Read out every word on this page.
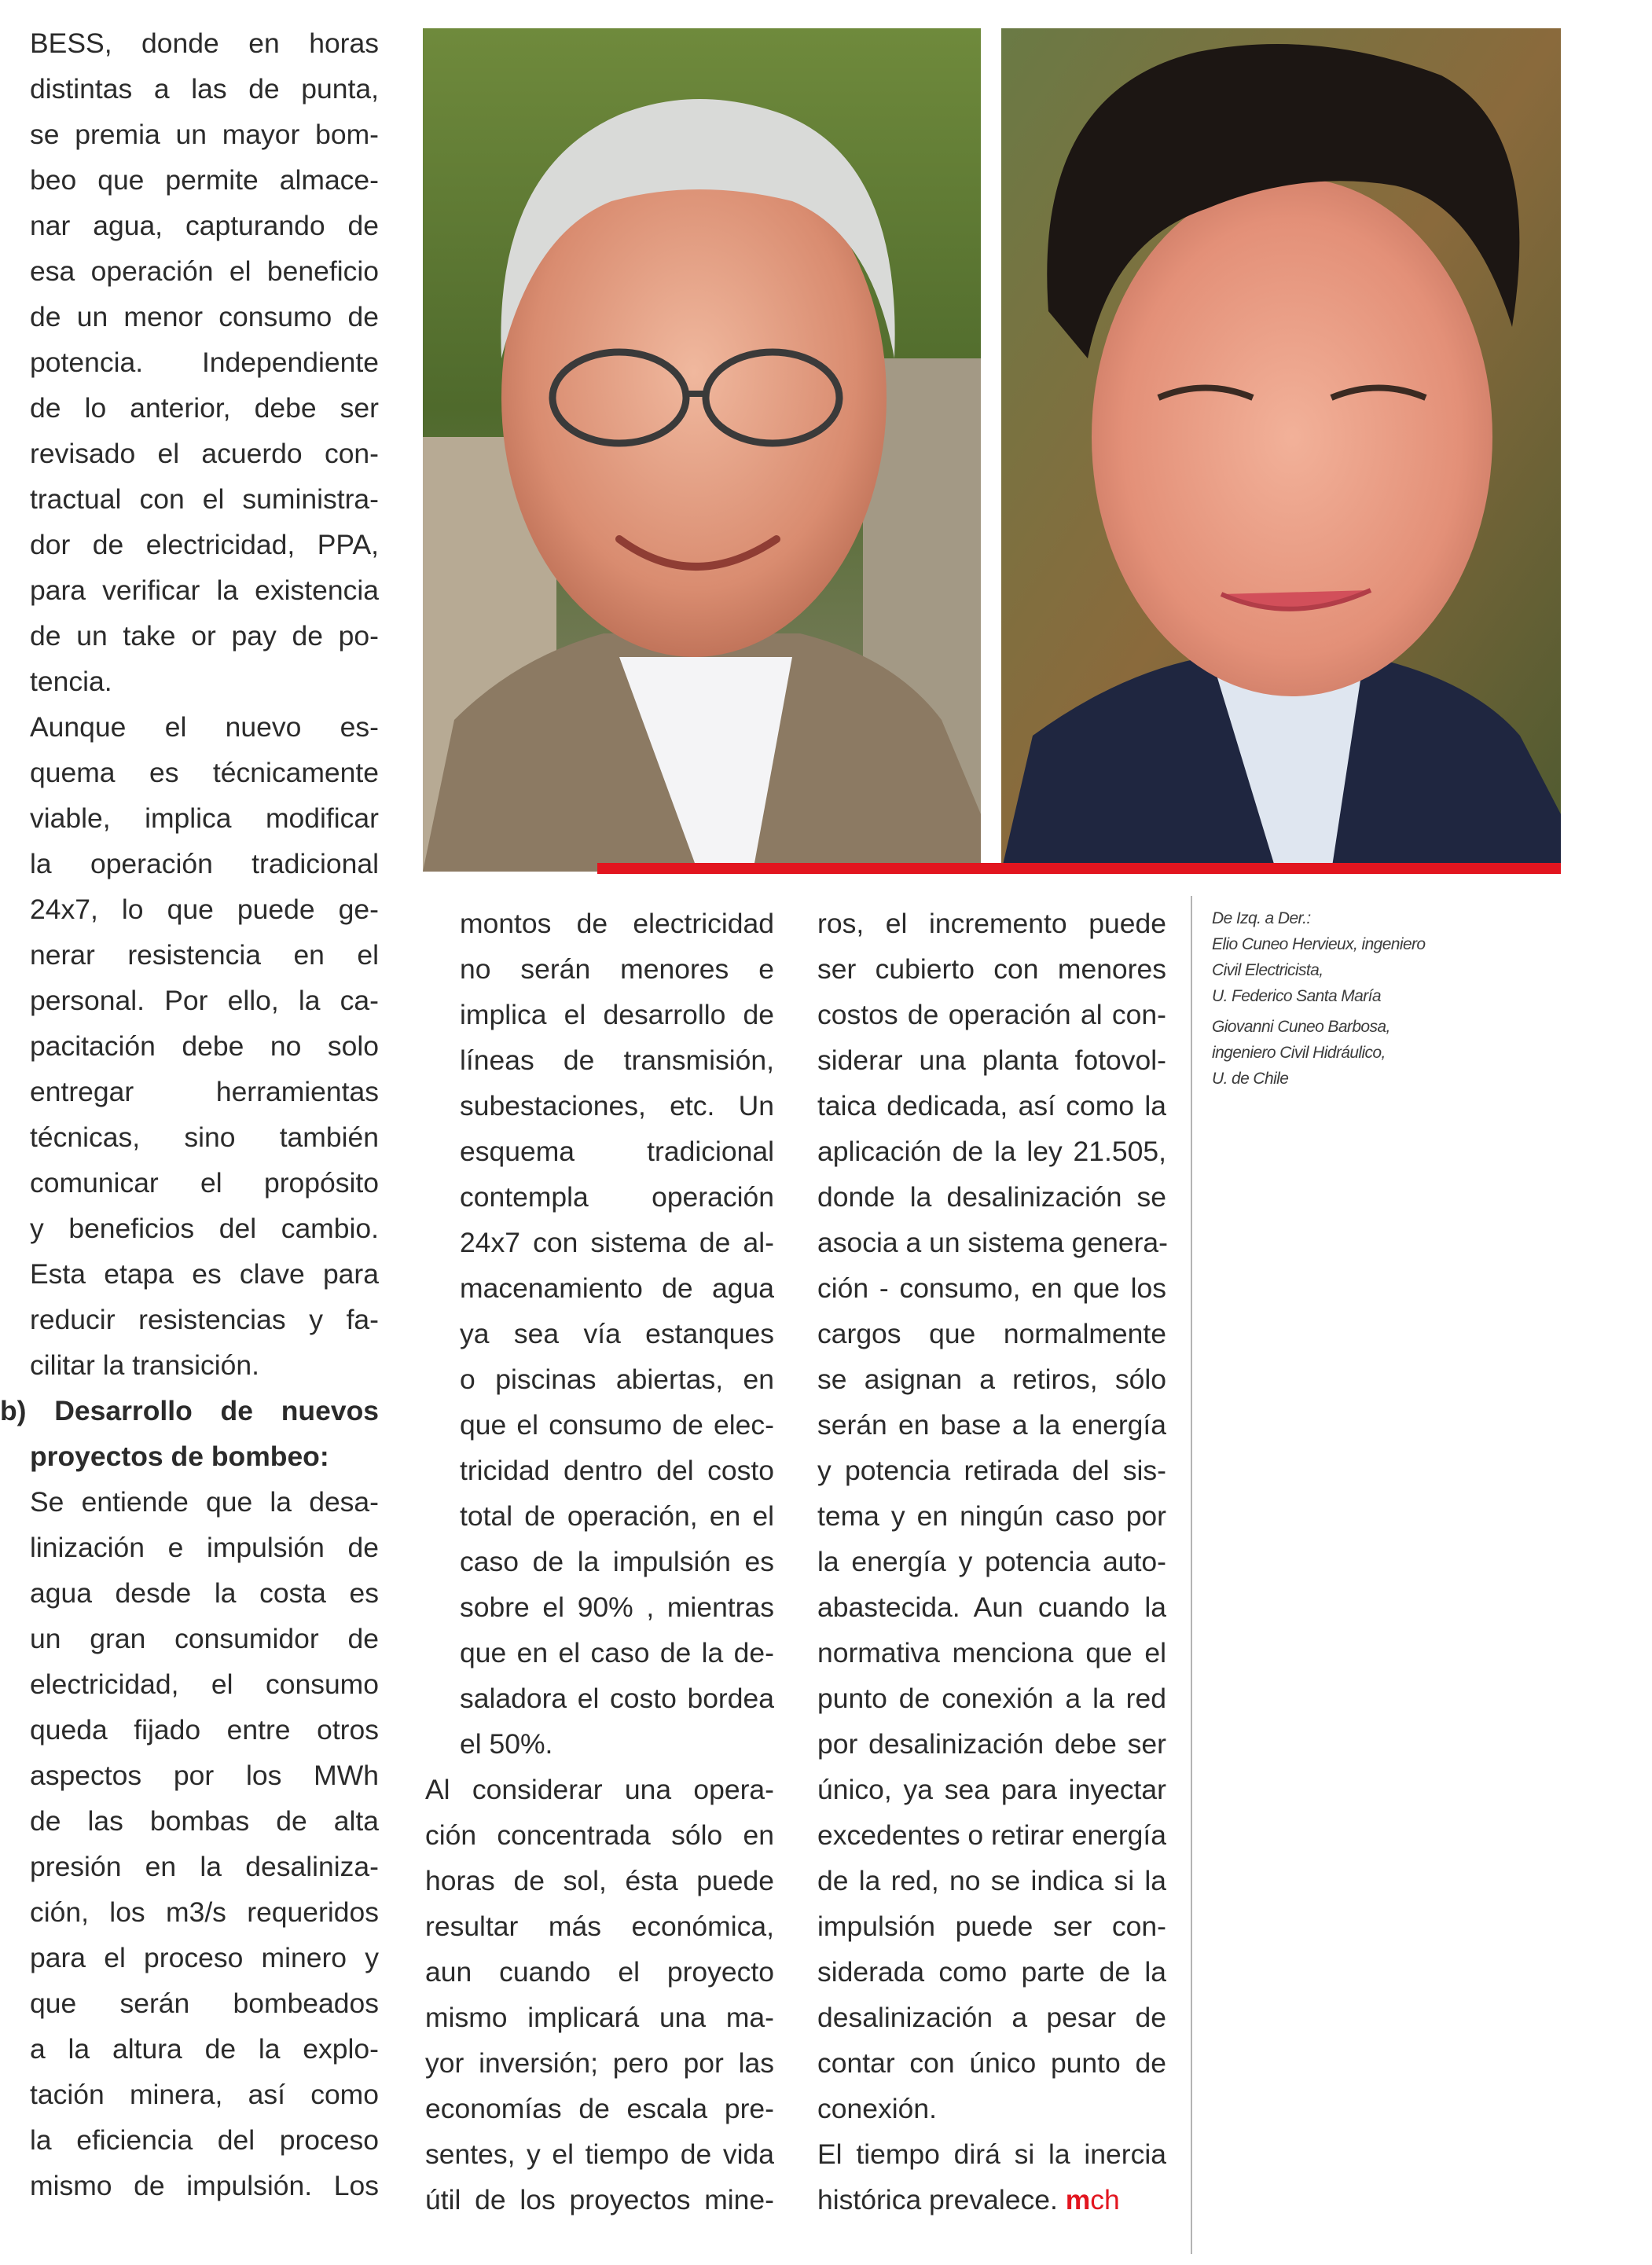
BESS, donde en horas
distintas a las de punta,
se premia un mayor bom-
beo que permite almace-
nar agua, capturando de
esa operación el beneficio
de un menor consumo de
potencia. Independiente
de lo anterior, debe ser
revisado el acuerdo con-
tractual con el suministra-
dor de electricidad, PPA,
para verificar la existencia
de un take or pay de po-
tencia.
Aunque el nuevo es-
quema es técnicamente
viable, implica modificar
la operación tradicional
24x7, lo que puede ge-
nerar resistencia en el
personal. Por ello, la ca-
pacitación debe no solo
entregar herramientas
técnicas, sino también
comunicar el propósito
y beneficios del cambio.
Esta etapa es clave para
reducir resistencias y fa-
cilitar la transición.
b) Desarrollo de nuevos
proyectos de bombeo:
Se entiende que la desa-
linización e impulsión de
agua desde la costa es
un gran consumidor de
electricidad, el consumo
queda fijado entre otros
aspectos por los MWh
de las bombas de alta
presión en la desaliniza-
ción, los m3/s requeridos
para el proceso minero y
que serán bombeados
a la altura de la explo-
tación minera, así como
la eficiencia del proceso
mismo de impulsión. Los
montos de electricidad
no serán menores e
implica el desarrollo de
líneas de transmisión,
subestaciones, etc. Un
esquema tradicional
contempla operación
24x7 con sistema de al-
macenamiento de agua
ya sea vía estanques
o piscinas abiertas, en
que el consumo de elec-
tricidad dentro del costo
total de operación, en el
caso de la impulsión es
sobre el 90% , mientras
que en el caso de la de-
saladora el costo bordea
el 50%.
Al considerar una opera-
ción concentrada sólo en
horas de sol, ésta puede
resultar más económica,
aun cuando el proyecto
mismo implicará una ma-
yor inversión; pero por las
economías de escala pre-
sentes, y el tiempo de vida
útil de los proyectos mine-
ros, el incremento puede
ser cubierto con menores
costos de operación al con-
siderar una planta fotovol-
taica dedicada, así como la
aplicación de la ley 21.505,
donde la desalinización se
asocia a un sistema genera-
ción - consumo, en que los
cargos que normalmente
se asignan a retiros, sólo
serán en base a la energía
y potencia retirada del sis-
tema y en ningún caso por
la energía y potencia auto-
abastecida. Aun cuando la
normativa menciona que el
punto de conexión a la red
por desalinización debe ser
único, ya sea para inyectar
excedentes o retirar energía
de la red, no se indica si la
impulsión puede ser con-
siderada como parte de la
desalinización a pesar de
contar con único punto de
conexión.
El tiempo dirá si la inercia
histórica prevalece. mch
De Izq. a Der.:
Elio Cuneo Hervieux, ingeniero
Civil Electricista,
U. Federico Santa María
Giovanni Cuneo Barbosa,
ingeniero Civil Hidráulico,
U. de Chile
